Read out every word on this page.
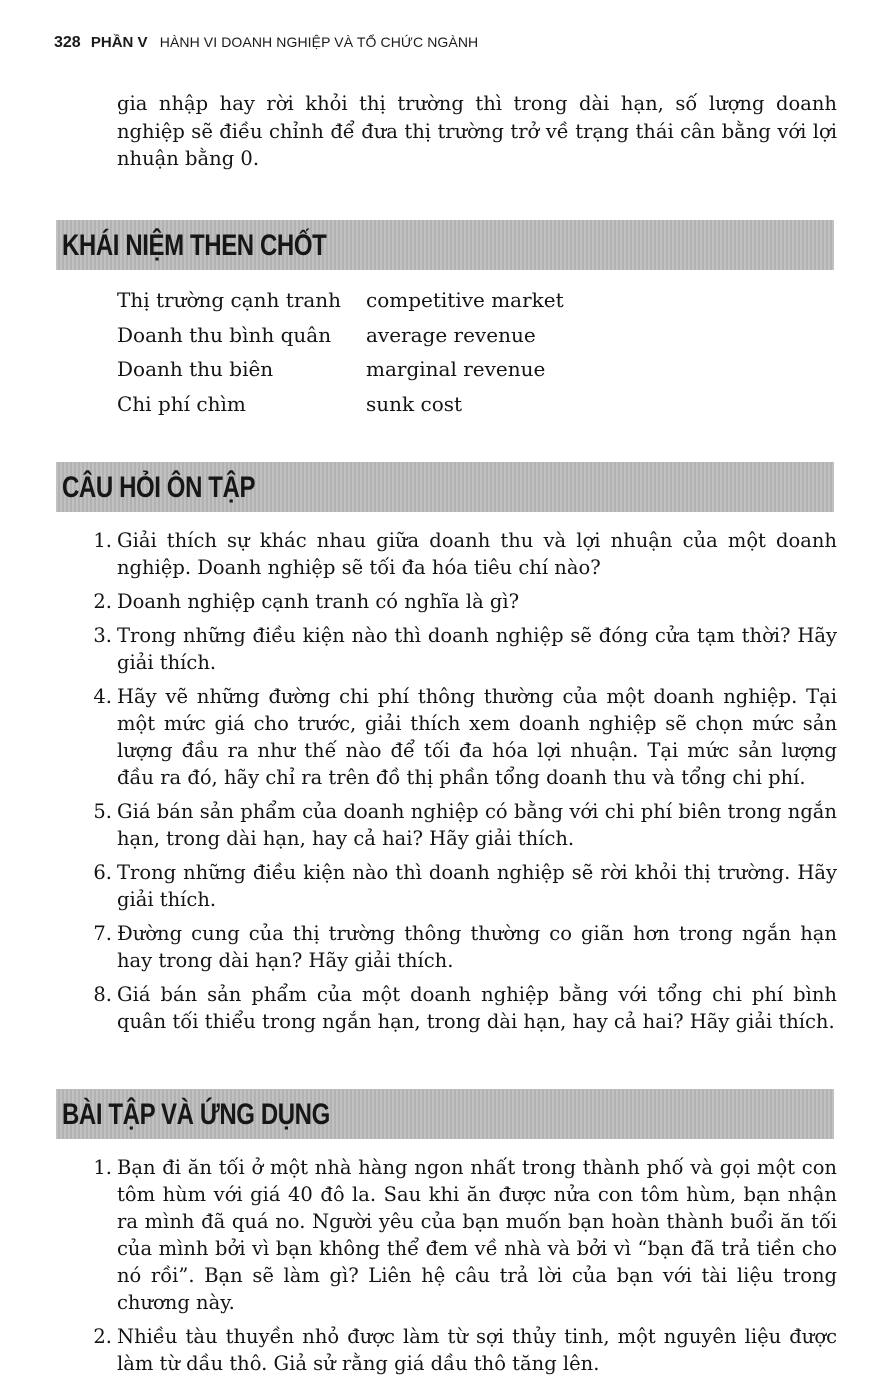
328 PHẦN V HÀNH VI DOANH NGHIỆP VÀ TỔ CHỨC NGÀNH
gia nhập hay rời khỏi thị trường thì trong dài hạn, số lượng doanh nghiệp sẽ điều chỉnh để đưa thị trường trở về trạng thái cân bằng với lợi nhuận bằng 0.
KHÁI NIỆM THEN CHỐT
Thị trường cạnh tranh competitive market
Doanh thu bình quân average revenue
Doanh thu biên	marginal revenue
Chi phí chìm	sunk cost
CÂU HỎI ÔN TẬP
1. Giải thích sự khác nhau giữa doanh thu và lợi nhuận của một doanh nghiệp. Doanh nghiệp sẽ tối đa hóa tiêu chí nào?
2. Doanh nghiệp cạnh tranh có nghĩa là gì?
3. Trong những điều kiện nào thì doanh nghiệp sẽ đóng cửa tạm thời? Hãy giải thích.
4. Hãy vẽ những đường chi phí thông thường của một doanh nghiệp. Tại một mức giá cho trước, giải thích xem doanh nghiệp sẽ chọn mức sản lượng đầu ra như thế nào để tối đa hóa lợi nhuận. Tại mức sản lượng đầu ra đó, hãy chỉ ra trên đồ thị phần tổng doanh thu và tổng chi phí.
5. Giá bán sản phẩm của doanh nghiệp có bằng với chi phí biên trong ngắn hạn, trong dài hạn, hay cả hai? Hãy giải thích.
6. Trong những điều kiện nào thì doanh nghiệp sẽ rời khỏi thị trường. Hãy giải thích.
7. Đường cung của thị trường thông thường co giãn hơn trong ngắn hạn hay trong dài hạn? Hãy giải thích.
8. Giá bán sản phẩm của một doanh nghiệp bằng với tổng chi phí bình quân tối thiểu trong ngắn hạn, trong dài hạn, hay cả hai? Hãy giải thích.
BÀI TẬP VÀ ỨNG DỤNG
1. Bạn đi ăn tối ở một nhà hàng ngon nhất trong thành phố và gọi một con tôm hùm với giá 40 đô la. Sau khi ăn được nửa con tôm hùm, bạn nhận ra mình đã quá no. Người yêu của bạn muốn bạn hoàn thành buổi ăn tối của mình bởi vì bạn không thể đem về nhà và bởi vì “bạn đã trả tiền cho nó rồi”. Bạn sẽ làm gì? Liên hệ câu trả lời của bạn với tài liệu trong chương này.
2. Nhiều tàu thuyền nhỏ được làm từ sợi thủy tinh, một nguyên liệu được làm từ dầu thô. Giả sử rằng giá dầu thô tăng lên.
